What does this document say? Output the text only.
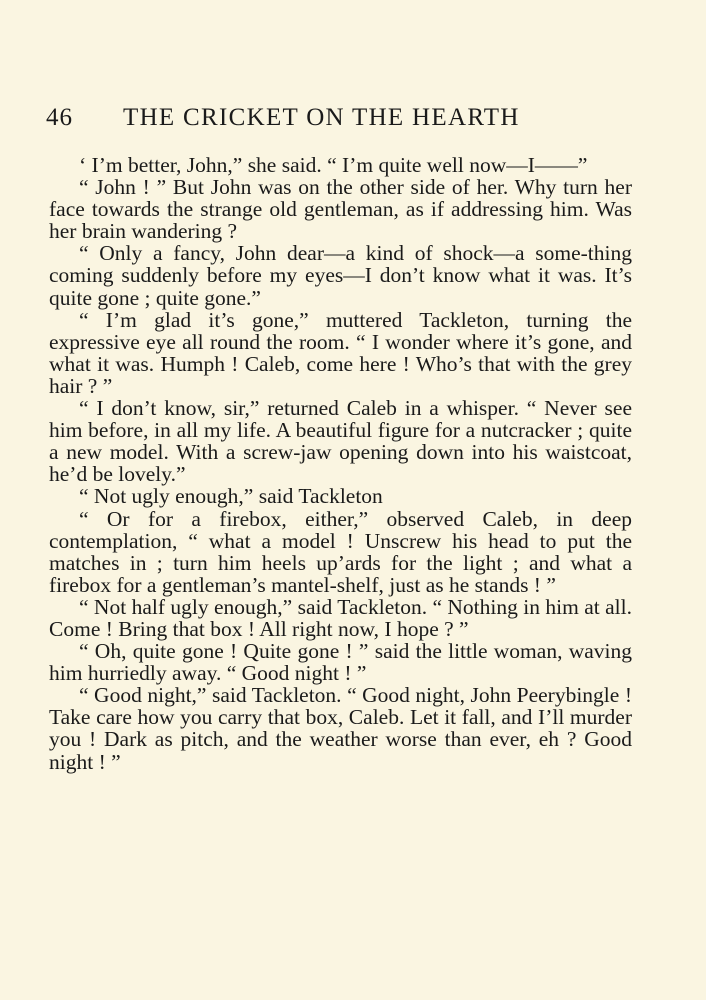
46 THE CRICKET ON THE HEARTH

‘ I’m better, John,” she said. “ I’m quite well now—I——”

“ John ! ” But John was on the other side of her. Why turn her face towards the strange old gentleman, as if addressing him. Was her brain wandering ?

“ Only a fancy, John dear—a kind of shock—a some-thing coming suddenly before my eyes—I don’t know what it was. It’s quite gone ; quite gone.”

“ I’m glad it’s gone,” muttered Tackleton, turning the expressive eye all round the room. “ I wonder where it’s gone, and what it was. Humph ! Caleb, come here ! Who’s that with the grey hair ? ”

“ I don’t know, sir,” returned Caleb in a whisper. “ Never see him before, in all my life. A beautiful figure for a nutcracker ; quite a new model. With a screw-jaw opening down into his waistcoat, he’d be lovely.”

“ Not ugly enough,” said Tackleton

“ Or for a firebox, either,” observed Caleb, in deep contemplation, “ what a model ! Unscrew his head to put the matches in ; turn him heels up’ards for the light ; and what a firebox for a gentleman’s mantel-shelf, just as he stands ! ”

“ Not half ugly enough,” said Tackleton. “ Nothing in him at all. Come ! Bring that box ! All right now, I hope ? ”

“ Oh, quite gone ! Quite gone ! ” said the little woman, waving him hurriedly away. “ Good night ! ”

“ Good night,” said Tackleton. “ Good night, John Peerybingle ! Take care how you carry that box, Caleb. Let it fall, and I’ll murder you ! Dark as pitch, and the weather worse than ever, eh ? Good night ! ”
